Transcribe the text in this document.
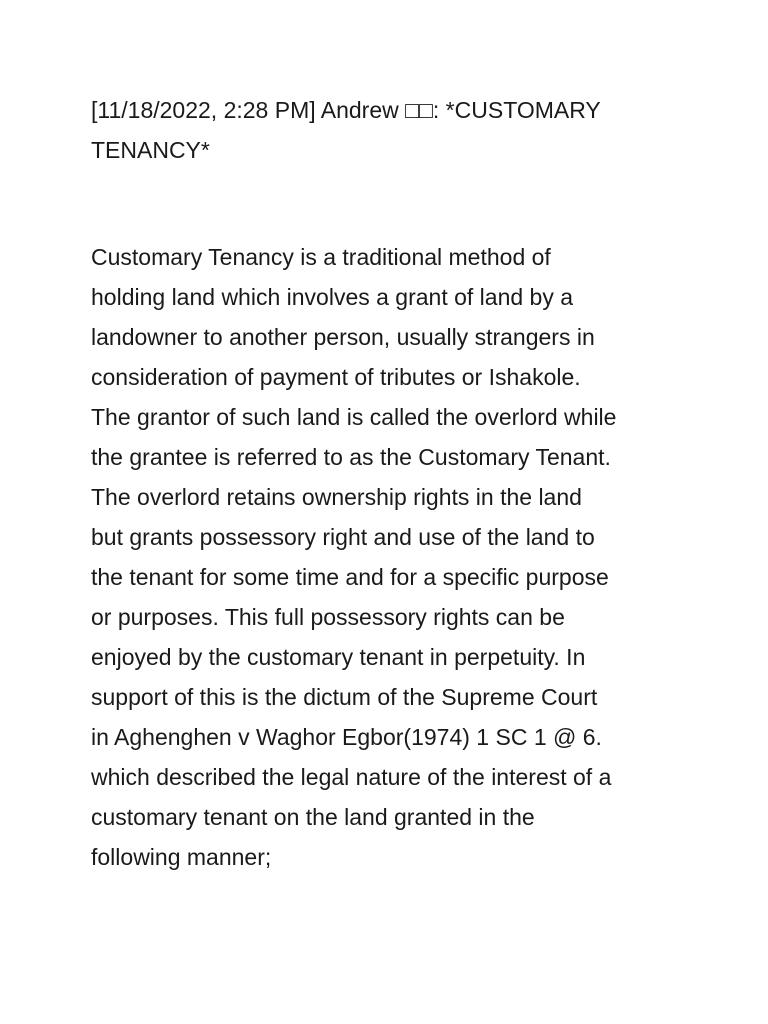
[11/18/2022, 2:28 PM] Andrew □□: *CUSTOMARY
TENANCY*
Customary Tenancy is a traditional method of
holding land which involves a grant of land by a
landowner to another person, usually strangers in
consideration of payment of tributes or Ishakole.
The grantor of such land is called the overlord while
the grantee is referred to as the Customary Tenant.
The overlord retains ownership rights in the land
but grants possessory right and use of the land to
the tenant for some time and for a specific purpose
or purposes. This full possessory rights can be
enjoyed by the customary tenant in perpetuity. In
support of this is the dictum of the Supreme Court
in Aghenghen v Waghor Egbor(1974) 1 SC 1 @ 6.
which described the legal nature of the interest of a
customary tenant on the land granted in the
following manner;
